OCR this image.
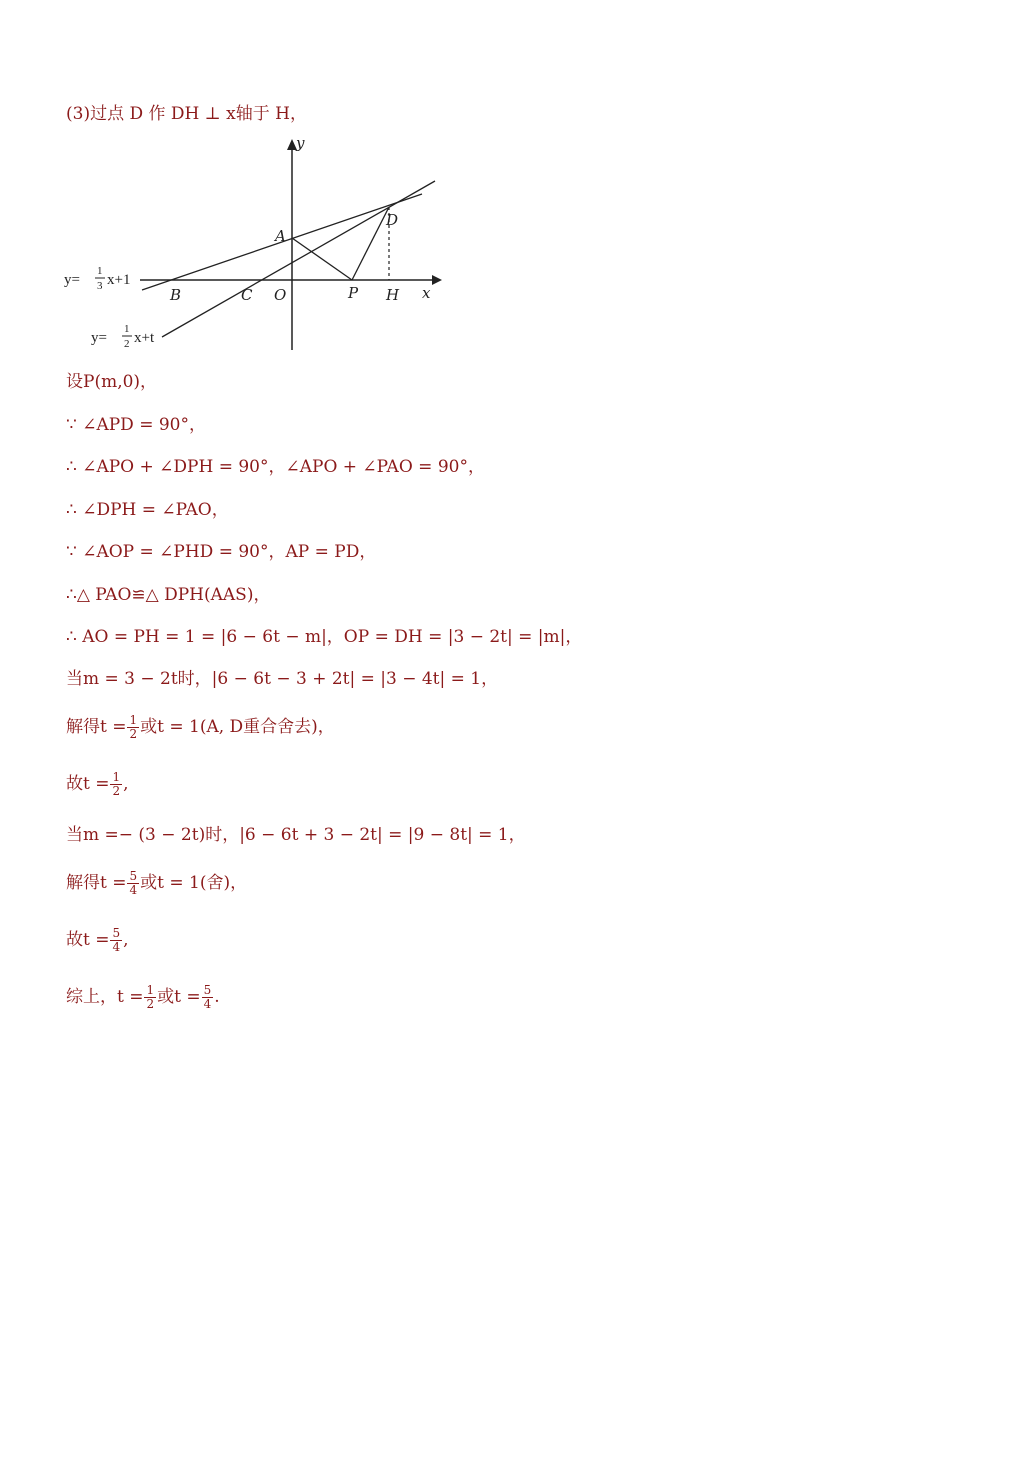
(3)过点 D 作 DH ⊥ x轴于 H，
y
x
A
B	C O	P H
D
y=
1
3 x+1
y=
1
2 x+t
设P(m,0)，
∵ ∠APD = 90°，
∴ ∠APO + ∠DPH = 90°，∠APO + ∠PAO = 90°，
∴ ∠DPH = ∠PAO，
∵ ∠AOP = ∠PHD = 90°，AP = PD，
∴△ PAO≌△ DPH(AAS)，
∴ AO = PH = 1 = |6 − 6t − m|，OP = DH = |3 − 2t| = |m|，
当m = 3 − 2t时，|6 − 6t − 3 + 2t| = |3 − 4t| = 1，
解得$t = \frac{1}{2}$ 或t = 1(A, D重合舍去)，
故$t = \frac{1}{2}$ ,
当m =− (3 − 2t)时，|6 − 6t + 3 − 2t| = |9 − 8t| = 1，
解得$t = \frac{5}{4}$ 或t = 1(舍)，
故$t = \frac{5}{4}$ ,
综上，$t = \frac{1}{2}$ 或$t = \frac{5}{4}$ .
